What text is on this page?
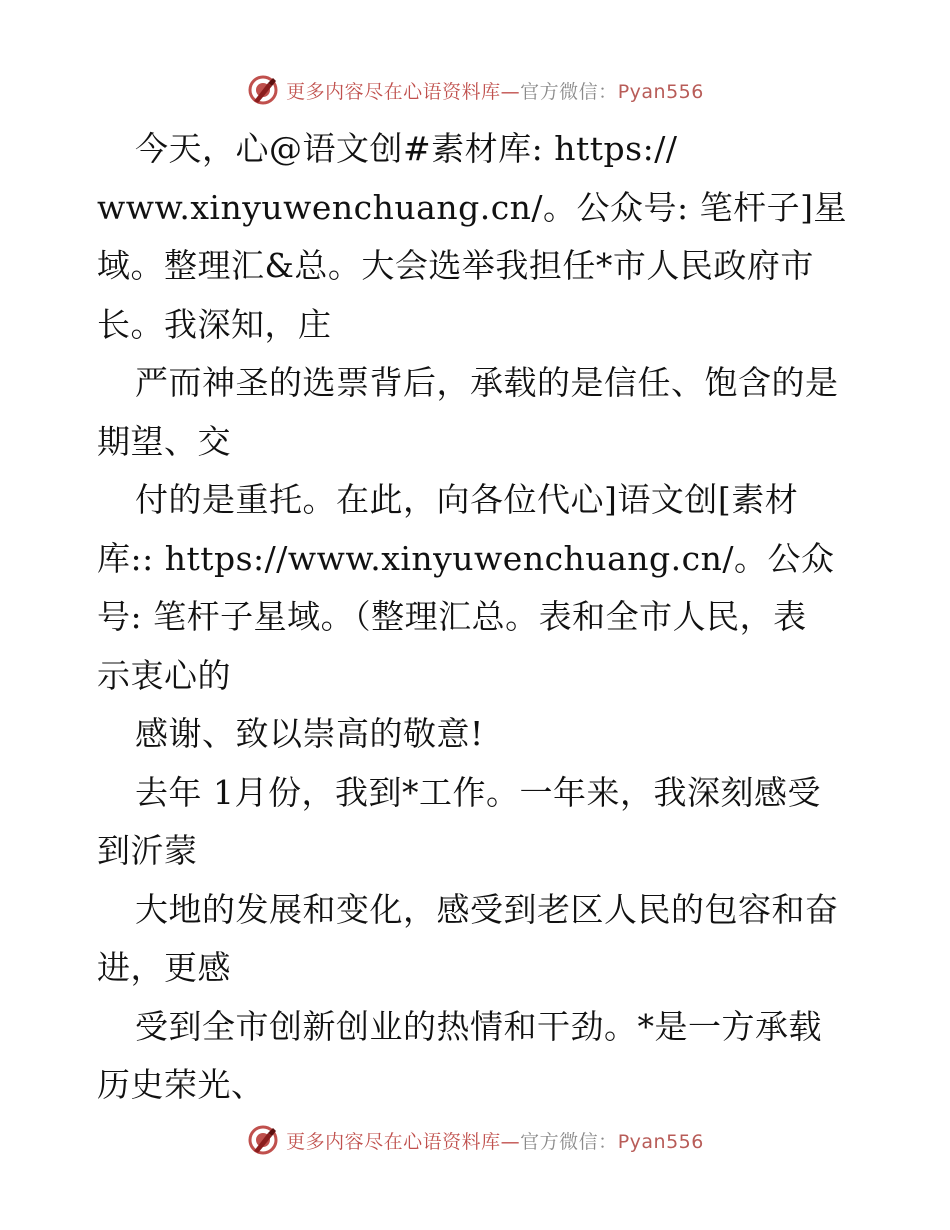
更多内容尽在心语资料库—官方微信：Pyan556
今天，心@语文创#素材库: https://
www.xinyuwenchuang.cn/。公众号: 笔杆子]星
域。整理汇&总。大会选举我担任*市人民政府市
长。我深知，庄
严而神圣的选票背后，承载的是信任、饱含的是
期望、交
付的是重托。在此，向各位代心]语文创[素材
库:: https://www.xinyuwenchuang.cn/。公众
号: 笔杆子星域。（整理汇总。表和全市人民，表
示衷心的
感谢、致以崇高的敬意!
去年 1月份，我到*工作。一年来，我深刻感受
到沂蒙
大地的发展和变化，感受到老区人民的包容和奋
进，更感
受到全市创新创业的热情和干劲。*是一方承载
历史荣光、
更多内容尽在心语资料库—官方微信：Pyan556
